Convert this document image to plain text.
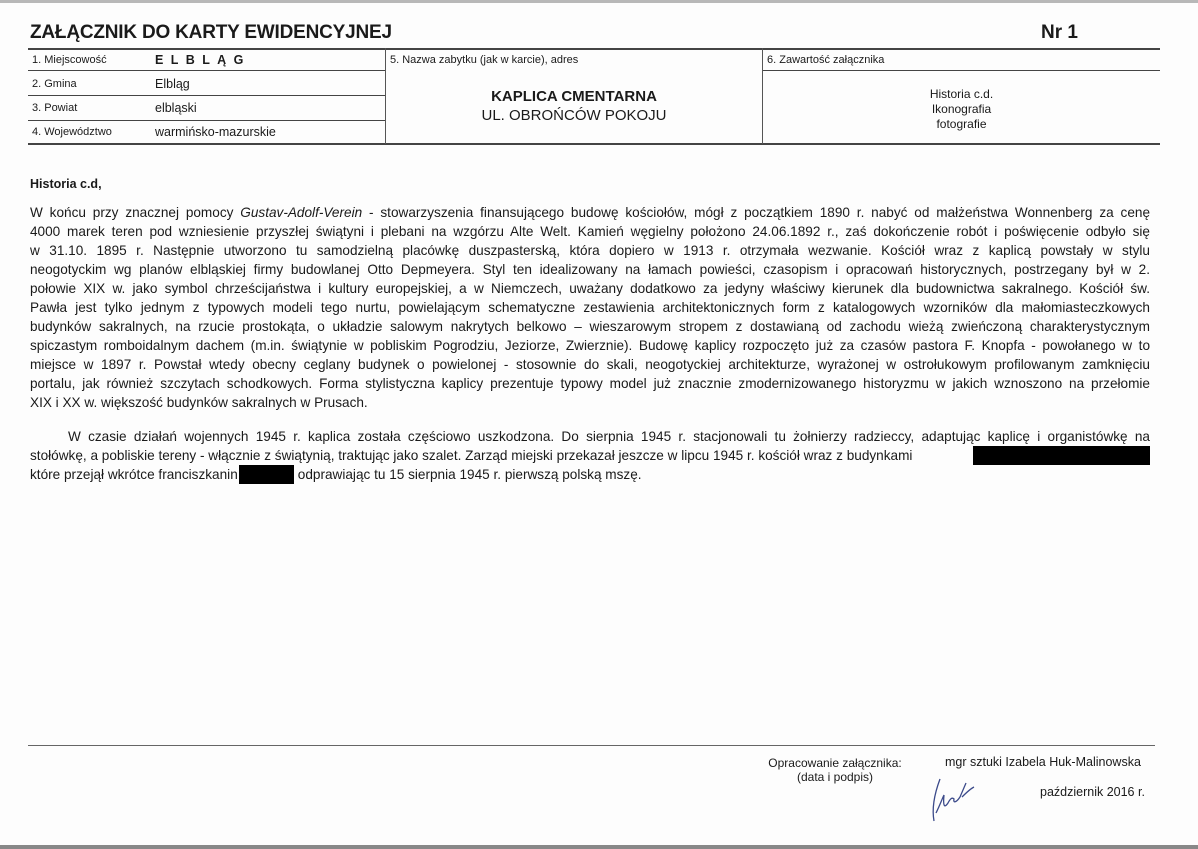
ZAŁĄCZNIK DO KARTY EWIDENCYJNEJ	Nr 1
1. Miejscowość	E L B L Ą G
2. Gmina	Elbląg
3. Powiat	elbląski
4. Województwo	warmińsko-mazurskie
5. Nazwa zabytku (jak w karcie), adres
KAPLICA CMENTARNA
UL. OBROŃCÓW POKOJU
6. Zawartość załącznika
Historia c.d.
Ikonografia
fotografie
Historia c.d,
W końcu przy znacznej pomocy Gustav-Adolf-Verein - stowarzyszenia finansującego budowę kościołów, mógł z początkiem 1890 r. nabyć od małżeństwa Wonnenberg za cenę
4000 marek teren pod wzniesienie przyszłej świątyni i plebani na wzgórzu Alte Welt. Kamień węgielny położono 24.06.1892 r., zaś dokończenie robót i poświęcenie odbyło się
w 31.10. 1895 r. Następnie utworzono tu samodzielną placówkę duszpasterską, która dopiero w 1913 r. otrzymała wezwanie. Kościół wraz z kaplicą powstały w stylu
neogotyckim wg planów elbląskiej firmy budowlanej Otto Depmeyera. Styl ten idealizowany na łamach powieści, czasopism i opracowań historycznych, postrzegany był w 2.
połowie XIX w. jako symbol chrześcijaństwa i kultury europejskiej, a w Niemczech, uważany dodatkowo za jedyny właściwy kierunek dla budownictwa sakralnego. Kościół św.
Pawła jest tylko jednym z typowych modeli tego nurtu, powielającym schematyczne zestawienia architektonicznych form z katalogowych wzorników dla małomiasteczkowych
budynków sakralnych, na rzucie prostokąta, o układzie salowym nakrytych belkowo – wieszarowym stropem z dostawianą od zachodu wieżą zwieńczoną charakterystycznym
spiczastym romboidalnym dachem (m.in. świątynie w pobliskim Pogrodziu, Jeziorze, Zwierznie). Budowę kaplicy rozpoczęto już za czasów pastora F. Knopfa - powołanego w to
miejsce w 1897 r. Powstał wtedy obecny ceglany budynek o powielonej - stosownie do skali, neogotyckiej architekturze, wyrażonej w ostrołukowym profilowanym zamknięciu
portalu, jak również szczytach schodkowych. Forma stylistyczna kaplicy prezentuje typowy model już znacznie zmodernizowanego historyzmu w jakich wznoszono na przełomie
XIX i XX w. większość budynków sakralnych w Prusach.
W czasie działań wojennych 1945 r. kaplica została częściowo uszkodzona. Do sierpnia 1945 r. stacjonowali tu żołnierzy radzieccy, adaptując kaplicę i organistówkę na
stołówkę, a pobliskie tereny - włącznie z świątynią, traktując jako szalet. Zarząd miejski przekazał jeszcze w lipcu 1945 r. kościół wraz z budynkami
które przejął wkrótce franciszkanin	odprawiając tu 15 sierpnia 1945 r. pierwszą polską mszę.
Opracowanie załącznika:
(data i podpis)
mgr sztuki Izabela Huk-Malinowska
październik 2016 r.
